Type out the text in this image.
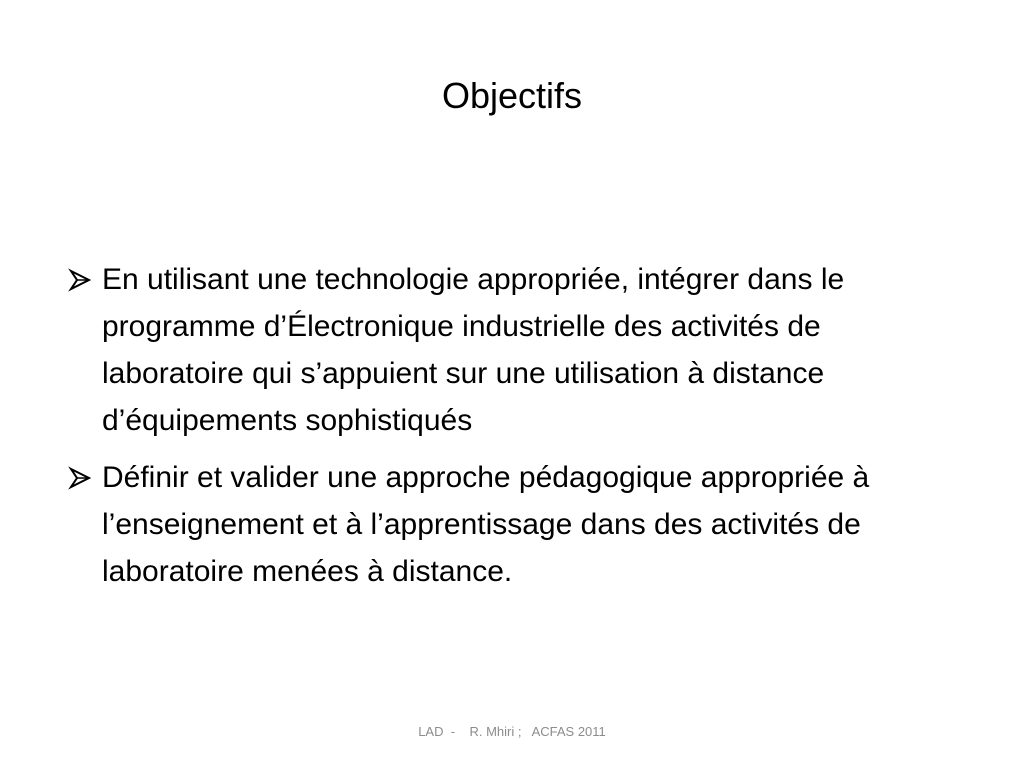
Objectifs
En utilisant une technologie appropriée, intégrer dans le programme d’Électronique industrielle des activités de laboratoire qui s’appuient sur une utilisation à distance d’équipements sophistiqués
Définir et valider une approche pédagogique appropriée à l’enseignement et à l’apprentissage dans des activités de laboratoire menées à distance.
LAD  -    R. Mhiri ;   ACFAS 2011
